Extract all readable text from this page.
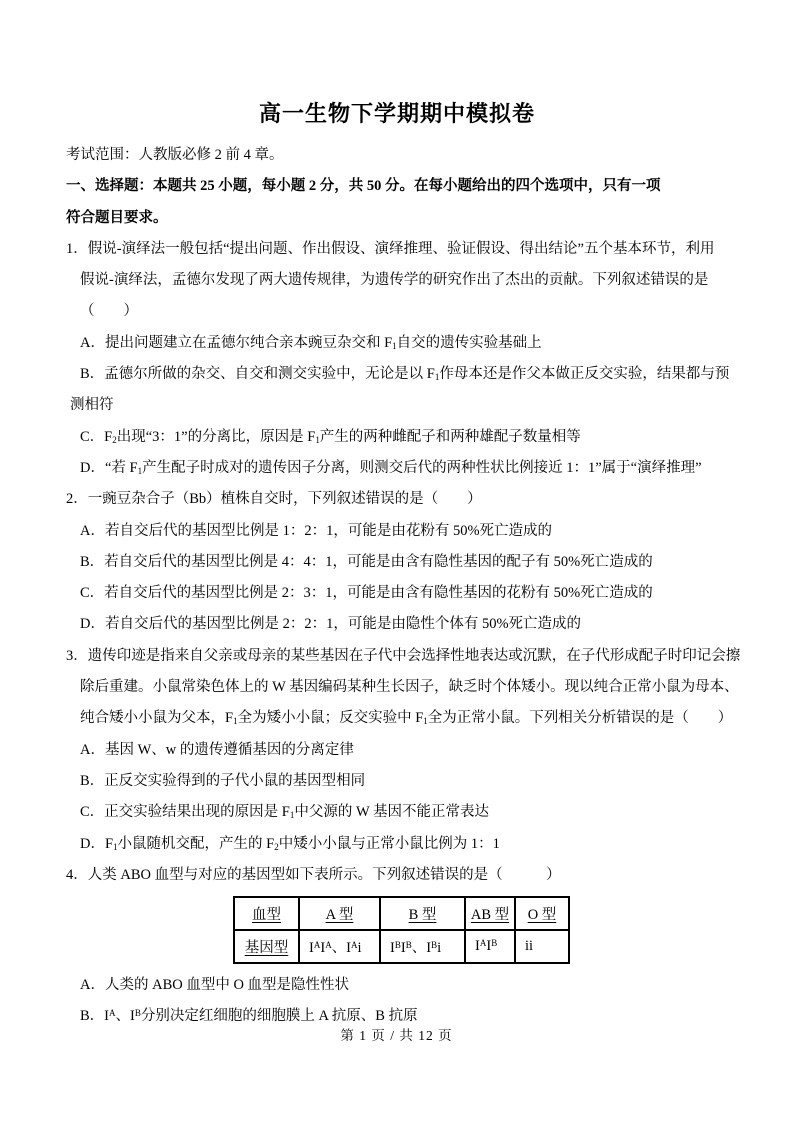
高一生物下学期期中模拟卷
考试范围：人教版必修 2 前 4 章。
一、选择题：本题共 25 小题，每小题 2 分，共 50 分。在每小题给出的四个选项中，只有一项
符合题目要求。
1．假说-演绎法一般包括“提出问题、作出假设、演绎推理、验证假设、得出结论”五个基本环节，利用
假说-演绎法，孟德尔发现了两大遗传规律，为遗传学的研究作出了杰出的贡献。下列叙述错误的是
（　　）
A．提出问题建立在孟德尔纯合亲本豌豆杂交和 $F_1$自交的遗传实验基础上
B．孟德尔所做的杂交、自交和测交实验中，无论是以 $F_1$作母本还是作父本做正反交实验，结果都与预
测相符
C．$F_2$出现“3：1”的分离比，原因是 $F_1$产生的两种雌配子和两种雄配子数量相等
D．“若 $F_1$产生配子时成对的遗传因子分离，则测交后代的两种性状比例接近 1：1”属于“演绎推理”
2．一豌豆杂合子（Bb）植株自交时，下列叙述错误的是（　　）
A．若自交后代的基因型比例是 1：2：1，可能是由花粉有 50%死亡造成的
B．若自交后代的基因型比例是 4：4：1，可能是由含有隐性基因的配子有 50%死亡造成的
C．若自交后代的基因型比例是 2：3：1，可能是由含有隐性基因的花粉有 50%死亡造成的
D．若自交后代的基因型比例是 2：2：1，可能是由隐性个体有 50%死亡造成的
3．遗传印迹是指来自父亲或母亲的某些基因在子代中会选择性地表达或沉默，在子代形成配子时印记会擦
除后重建。小鼠常染色体上的 W 基因编码某种生长因子，缺乏时个体矮小。现以纯合正常小鼠为母本、
纯合矮小小鼠为父本，$F_1$全为矮小小鼠；反交实验中 $F_1$全为正常小鼠。下列相关分析错误的是（　　）
A．基因 W、w 的遗传遵循基因的分离定律
B．正反交实验得到的子代小鼠的基因型相同
C．正交实验结果出现的原因是 $F_1$中父源的 W 基因不能正常表达
D．$F_1$小鼠随机交配，产生的 $F_2$中矮小小鼠与正常小鼠比例为 1：1
4．人类 ABO 血型与对应的基因型如下表所示。下列叙述错误的是（　　　）
血型	A 型	B 型	AB 型	O 型
基因型	$I^AI^A$、$I^Ai$	$I^BI^B$、$I^Bi$	$I^AI^B$	ii
A．人类的 ABO 血型中 O 血型是隐性性状
B．$I^A$、$I^B$分别决定红细胞的细胞膜上 A 抗原、B 抗原
第 1 页 / 共 12 页
